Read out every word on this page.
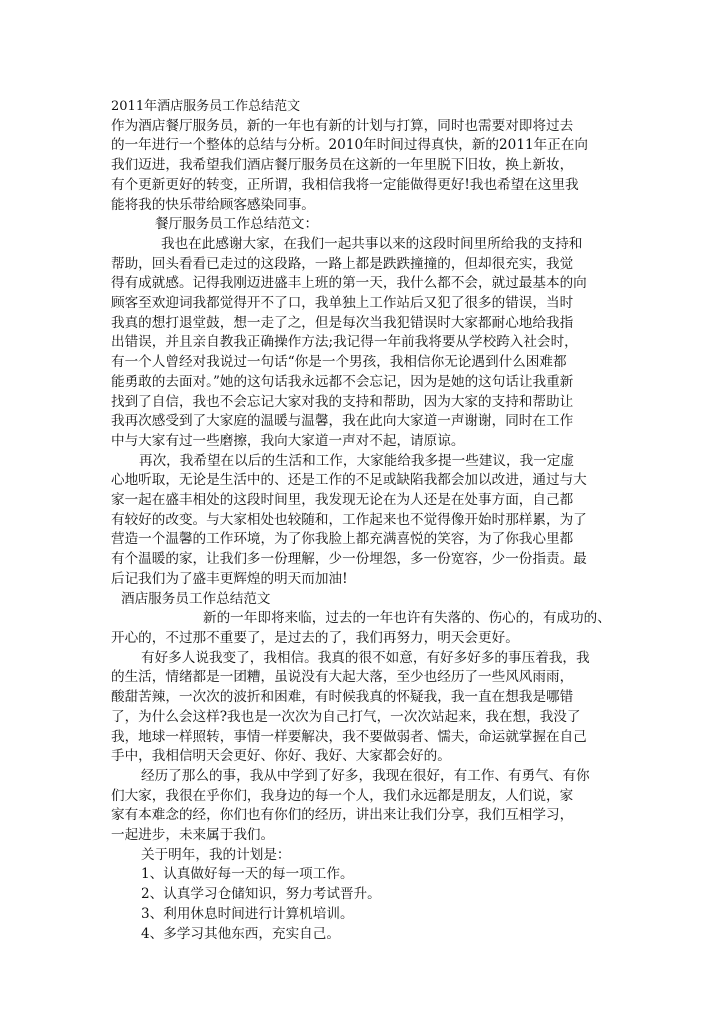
2011年酒店服务员工作总结范文

作为酒店餐厅服务员，新的一年也有新的计划与打算，同时也需要对即将过去

的一年进行一个整体的总结与分析。2010年时间过得真快，新的2011年正在向

我们迈进，我希望我们酒店餐厅服务员在这新的一年里脱下旧妆，换上新妆，

有个更新更好的转变，正所谓，我相信我将一定能做得更好!我也希望在这里我

能将我的快乐带给顾客感染同事。

餐厅服务员工作总结范文：

我也在此感谢大家，在我们一起共事以来的这段时间里所给我的支持和

帮助，回头看看已走过的这段路，一路上都是跌跌撞撞的，但却很充实，我觉

得有成就感。记得我刚迈进盛丰上班的第一天，我什么都不会，就过最基本的向

顾客至欢迎词我都觉得开不了口，我单独上工作站后又犯了很多的错误，当时

我真的想打退堂鼓，想一走了之，但是每次当我犯错误时大家都耐心地给我指

出错误，并且亲自教我正确操作方法;我记得一年前我将要从学校跨入社会时，

有一个人曾经对我说过一句话“你是一个男孩，我相信你无论遇到什么困难都

能勇敢的去面对。”她的这句话我永远都不会忘记，因为是她的这句话让我重新

找到了自信，我也不会忘记大家对我的支持和帮助，因为大家的支持和帮助让

我再次感受到了大家庭的温暖与温馨，我在此向大家道一声谢谢，同时在工作

中与大家有过一些磨擦，我向大家道一声对不起，请原谅。

再次，我希望在以后的生活和工作，大家能给我多提一些建议，我一定虚

心地听取，无论是生活中的、还是工作的不足或缺陷我都会加以改进，通过与大

家一起在盛丰相处的这段时间里，我发现无论在为人还是在处事方面，自己都

有较好的改变。与大家相处也较随和，工作起来也不觉得像开始时那样累，为了

营造一个温馨的工作环境，为了你我脸上都充满喜悦的笑容，为了你我心里都

有个温暖的家，让我们多一份理解，少一份埋怨，多一份宽容，少一份指责。最

后记我们为了盛丰更辉煌的明天而加油!

酒店服务员工作总结范文

新的一年即将来临，过去的一年也许有失落的、伤心的，有成功的、

开心的，不过那不重要了，是过去的了，我们再努力，明天会更好。

有好多人说我变了，我相信。我真的很不如意，有好多好多的事压着我，我

的生活，情绪都是一团糟，虽说没有大起大落，至少也经历了一些风风雨雨，

酸甜苦辣，一次次的波折和困难，有时候我真的怀疑我，我一直在想我是哪错

了，为什么会这样?我也是一次次为自己打气，一次次站起来，我在想，我没了

我，地球一样照转，事情一样要解决，我不要做弱者、懦夫，命运就掌握在自己

手中，我相信明天会更好、你好、我好、大家都会好的。

经历了那么的事，我从中学到了好多，我现在很好，有工作、有勇气、有你

们大家，我很在乎你们，我身边的每一个人，我们永远都是朋友，人们说，家

家有本难念的经，你们也有你们的经历，讲出来让我们分享，我们互相学习，

一起进步，未来属于我们。

关于明年，我的计划是：

1、认真做好每一天的每一项工作。

2、认真学习仓储知识，努力考试晋升。

3、利用休息时间进行计算机培训。

4、多学习其他东西，充实自己。
